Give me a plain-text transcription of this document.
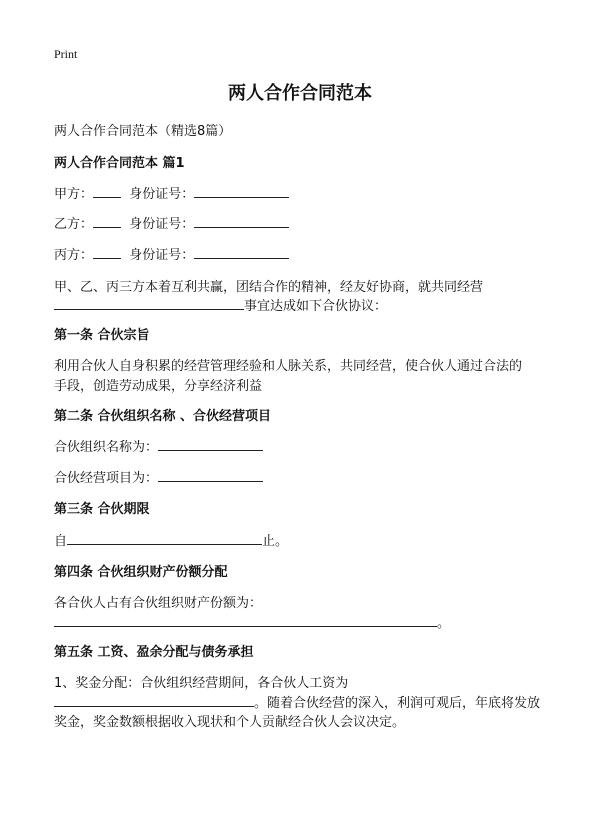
Print
两人合作合同范本
两人合作合同范本（精选8篇）
两人合作合同范本 篇1
甲方：	身份证号：
乙方：	身份证号：
丙方：	身份证号：
甲、乙、丙三方本着互利共赢，团结合作的精神，经友好协商，就共同经营
事宜达成如下合伙协议：
第一条 合伙宗旨
利用合伙人自身积累的经营管理经验和人脉关系，共同经营，使合伙人通过合法的
手段，创造劳动成果，分享经济利益
第二条 合伙组织名称 、合伙经营项目
合伙组织名称为：
合伙经营项目为：
第三条 合伙期限
自	止。
第四条 合伙组织财产份额分配
各合伙人占有合伙组织财产份额为：
。
第五条 工资、盈余分配与债务承担
1、奖金分配：合伙组织经营期间，各合伙人工资为
。随着合伙经营的深入，利润可观后，年底将发放
奖金，奖金数额根据收入现状和个人贡献经合伙人会议决定。
